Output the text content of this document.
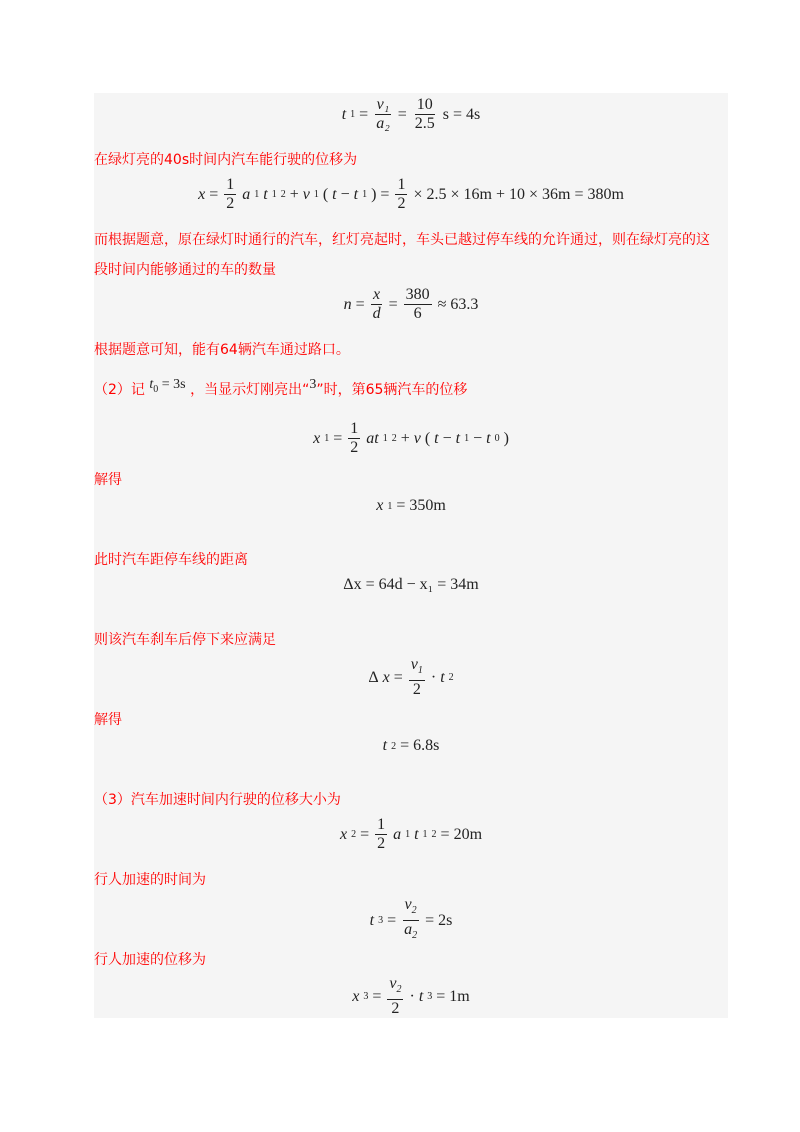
t $1 = \frac{\text{v₁}}{\text{a₂}} = \frac{10}{2.5}$ s = 4s
在绿灯亮的40s时间内汽车能行驶的位移为
$x = \frac{1}{2}$ a 1 t 1 2 + v 1 ( t − t 1 ) = $\frac{1}{2} \times 2.5 \times 16m + 10 \times 36m = 380m$
而根据题意，原在绿灯时通行的汽车，红灯亮起时，车头已越过停车线的允许通过，则在绿灯亮的这
段时间内能够通过的车的数量
$n = \frac{x}{d} = \frac{380}{6} \approx 63.3$
根据题意可知，能有64辆汽车通过路口。
（2）记 $t_0 = 3s$ ，当显示灯刚亮出“3”时，第65辆汽车的位移
x $1 = \frac{1}{2}$ at 1 2 + v ( t − t 1 − t 0 )
解得
x 1 = 350m
此时汽车距停车线的距离
Δx = 64d − x₁ = 34m
则该汽车刹车后停下来应满足
Δ $x = \frac{v_1}{2} \cdot t$ 2
解得
t 2 = 6.8s
（3）汽车加速时间内行驶的位移大小为
x $2 = \frac{1}{2}$ a 1 t 1 2 = 20m
行人加速的时间为
t $3 = \frac{v_2}{a_2} = 2s$
行人加速的位移为
x $3 = \frac{v_2}{2} \cdot t$ 3 = 1m
